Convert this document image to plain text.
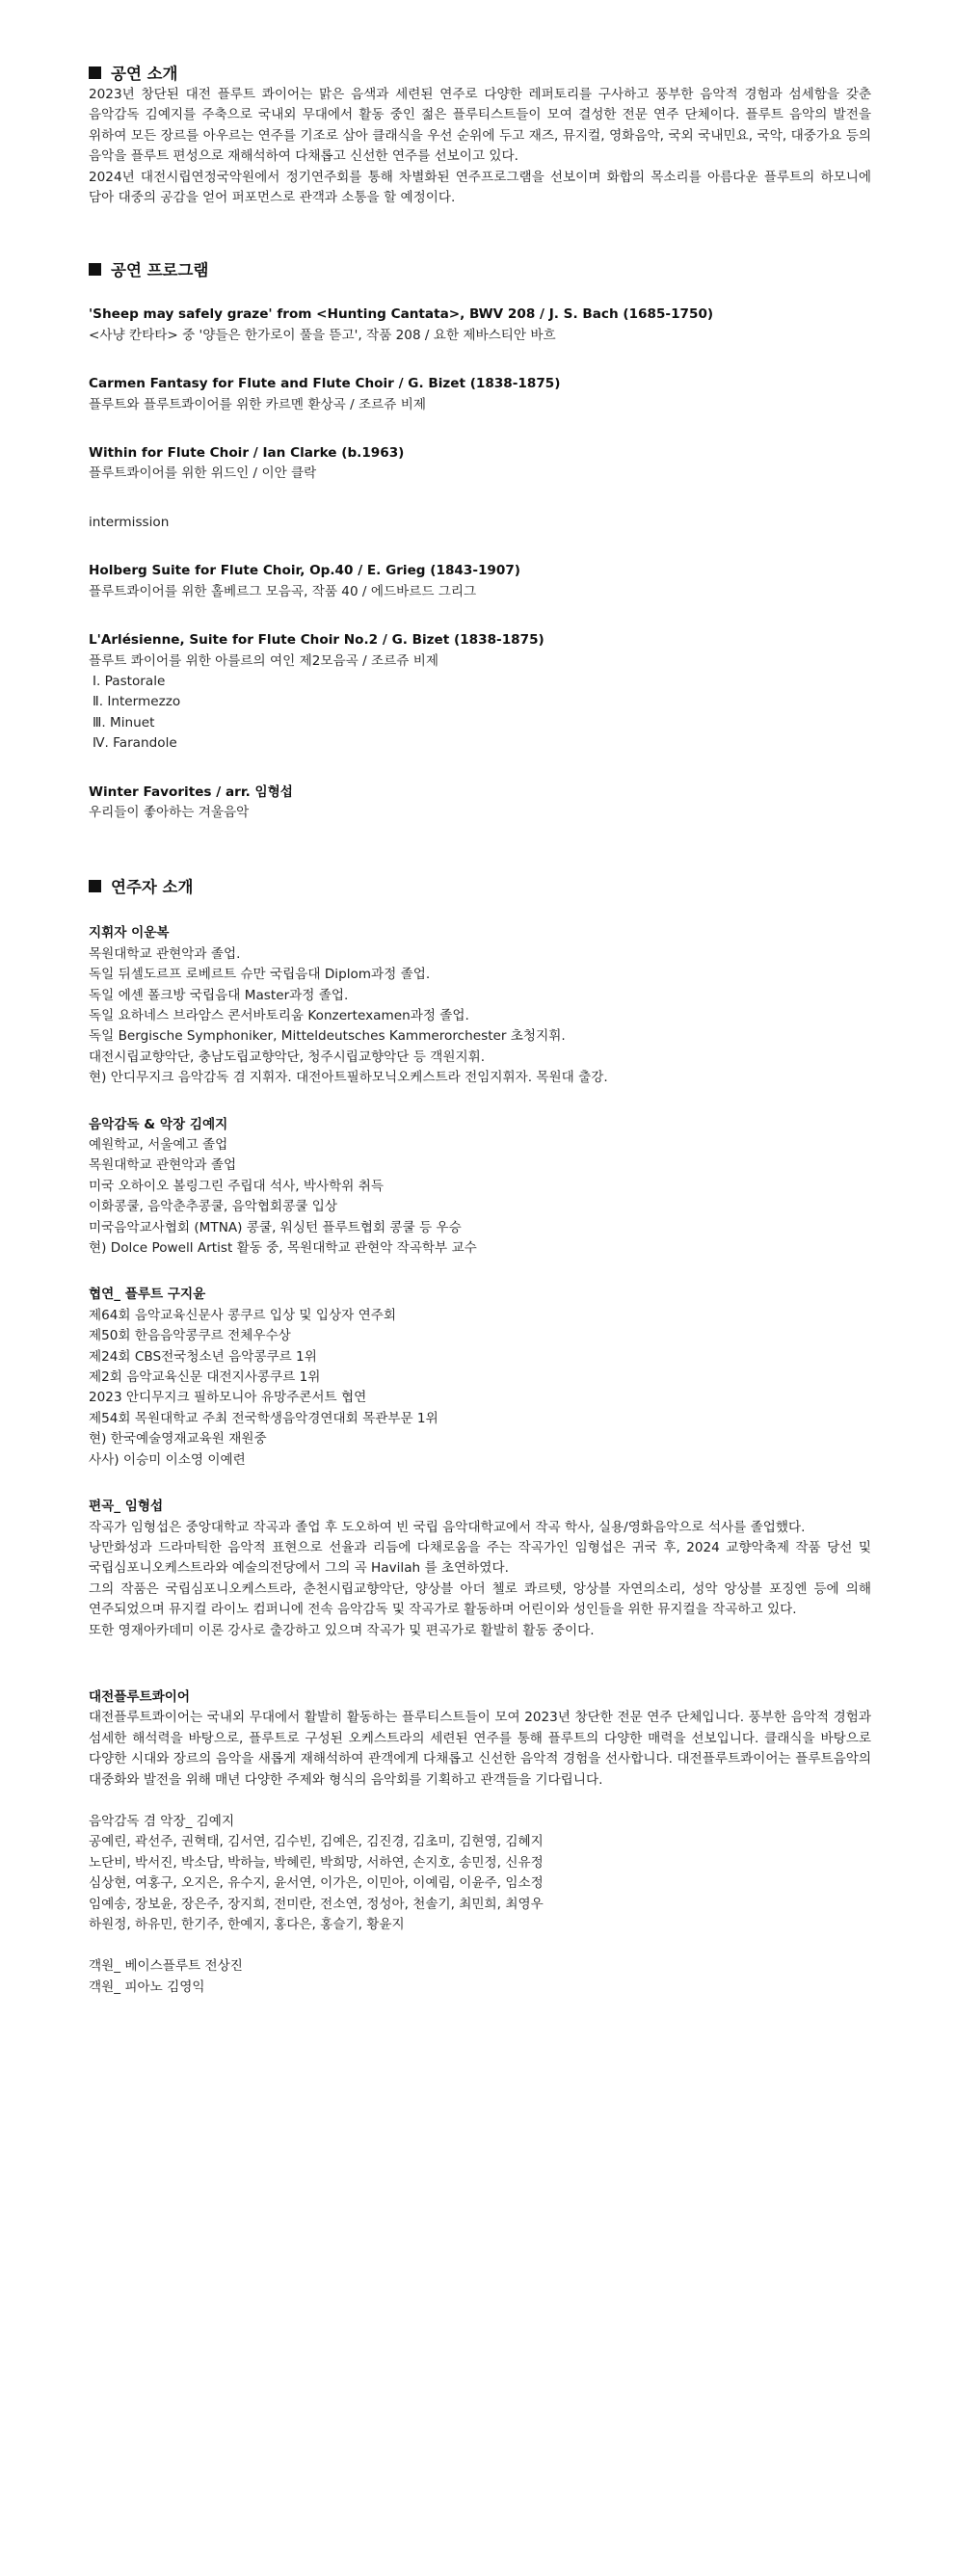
공연 소개

2023년 창단된 대전 플루트 콰이어는 맑은 음색과 세련된 연주로 다양한 레퍼토리를 구사하고 풍부한 음악적 경험과 섬세함을 갖춘 음악감독 김예지를 주축으로 국내외 무대에서 활동 중인 젊은 플루티스트들이 모여 결성한 전문 연주 단체이다. 플루트 음악의 발전을 위하여 모든 장르를 아우르는 연주를 기조로 삼아 클래식을 우선 순위에 두고 재즈, 뮤지컬, 영화음악, 국외 국내민요, 국악, 대중가요 등의 음악을 플루트 편성으로 재해석하여 다채롭고 신선한 연주를 선보이고 있다.

2024년 대전시립연정국악원에서 정기연주회를 통해 차별화된 연주프로그램을 선보이며 화합의 목소리를 아름다운 플루트의 하모니에 담아 대중의 공감을 얻어 퍼포먼스로 관객과 소통을 할 예정이다.

공연 프로그램

'Sheep may safely graze' from <Hunting Cantata>, BWV 208 / J. S. Bach (1685-1750)

<사냥 칸타타> 중 '양들은 한가로이 풀을 뜯고', 작품 208 / 요한 제바스티안 바흐

Carmen Fantasy for Flute and Flute Choir / G. Bizet (1838-1875)

플루트와 플루트콰이어를 위한 카르멘 환상곡 / 조르쥬 비제

Within for Flute Choir / Ian Clarke (b.1963)

플루트콰이어를 위한 위드인 / 이안 클락

intermission

Holberg Suite for Flute Choir, Op.40 / E. Grieg (1843-1907)

플루트콰이어를 위한 홀베르그 모음곡, 작품 40 / 에드바르드 그리그

L'Arlésienne, Suite for Flute Choir No.2 / G. Bizet (1838-1875)

플루트 콰이어를 위한 아를르의 여인 제2모음곡 / 조르쥬 비제

Ⅰ. Pastorale

Ⅱ. Intermezzo

Ⅲ. Minuet

Ⅳ. Farandole

Winter Favorites / arr. 임형섭

우리들이 좋아하는 겨울음악

연주자 소개

지휘자 이운복

목원대학교 관현악과 졸업.

독일 뒤셀도르프 로베르트 슈만 국립음대 Diplom과정 졸업.

독일 에센 폴크방 국립음대 Master과정 졸업.

독일 요하네스 브라암스 콘서바토리움 Konzertexamen과정 졸업.

독일 Bergische Symphoniker, Mitteldeutsches Kammerorchester 초청지휘.

대전시립교향악단, 충남도립교향악단, 청주시립교향악단 등 객원지휘.

현) 안디무지크 음악감독 겸 지휘자. 대전아트필하모닉오케스트라 전임지휘자. 목원대 출강.

음악감독 & 악장 김예지

예원학교, 서울예고 졸업

목원대학교 관현악과 졸업

미국 오하이오 볼링그린 주립대 석사, 박사학위 취득

이화콩쿨, 음악춘추콩쿨, 음악협회콩쿨 입상

미국음악교사협회 (MTNA) 콩쿨, 워싱턴 플루트협회 콩쿨 등 우승

현) Dolce Powell Artist 활동 중, 목원대학교 관현악 작곡학부 교수

협연_ 플루트 구지윤

제64회 음악교육신문사 콩쿠르 입상 및 입상자 연주회

제50회 한음음악콩쿠르 전체우수상

제24회 CBS전국청소년 음악콩쿠르 1위

제2회 음악교육신문 대전지사콩쿠르 1위

2023 안디무지크 필하모니아 유망주콘서트 협연

제54회 목원대학교 주최 전국학생음악경연대회 목관부문 1위

현) 한국예술영재교육원 재원중

사사) 이승미 이소영 이예련

편곡_ 임형섭

작곡가 임형섭은 중앙대학교 작곡과 졸업 후 도오하여 빈 국립 음악대학교에서 작곡 학사, 실용/영화음악으로 석사를 졸업했다.

낭만화성과 드라마틱한 음악적 표현으로 선율과 리듬에 다채로움을 주는 작곡가인 임형섭은 귀국 후, 2024 교향악축제 작품 당선 및 국립심포니오케스트라와 예술의전당에서 그의 곡 Havilah 를 초연하였다.

그의 작품은 국립심포니오케스트라, 춘천시립교향악단, 양상블 아더 첼로 콰르텟, 앙상블 자연의소리, 성악 앙상블 포징엔 등에 의해 연주되었으며 뮤지컬 라이노 컴퍼니에 전속 음악감독 및 작곡가로 활동하며 어린이와 성인들을 위한 뮤지컬을 작곡하고 있다.

또한 영재아카데미 이론 강사로 출강하고 있으며 작곡가 및 편곡가로 활발히 활동 중이다.

대전플루트콰이어

대전플루트콰이어는 국내외 무대에서 활발히 활동하는 플루티스트들이 모여 2023년 창단한 전문 연주 단체입니다. 풍부한 음악적 경험과 섬세한 해석력을 바탕으로, 플루트로 구성된 오케스트라의 세련된 연주를 통해 플루트의 다양한 매력을 선보입니다. 클래식을 바탕으로 다양한 시대와 장르의 음악을 새롭게 재해석하여 관객에게 다채롭고 신선한 음악적 경험을 선사합니다. 대전플루트콰이어는 플루트음악의 대중화와 발전을 위해 매년 다양한 주제와 형식의 음악회를 기획하고 관객들을 기다립니다.

음악감독 겸 악장_ 김예지

공예린, 곽선주, 권혁태, 김서연, 김수빈, 김예은, 김진경, 김초미, 김현영, 김혜지

노단비, 박서진, 박소담, 박하늘, 박혜린, 박희망, 서하연, 손지호, 송민정, 신유정

심상현, 여홍구, 오지은, 유수지, 윤서연, 이가은, 이민아, 이예림, 이윤주, 임소정

임예송, 장보윤, 장은주, 장지희, 전미란, 전소연, 정성아, 천솔기, 최민희, 최영우

하원정, 하유민, 한기주, 한예지, 홍다은, 홍슬기, 황윤지

객원_ 베이스플루트 전상진

객원_ 피아노 김영익
